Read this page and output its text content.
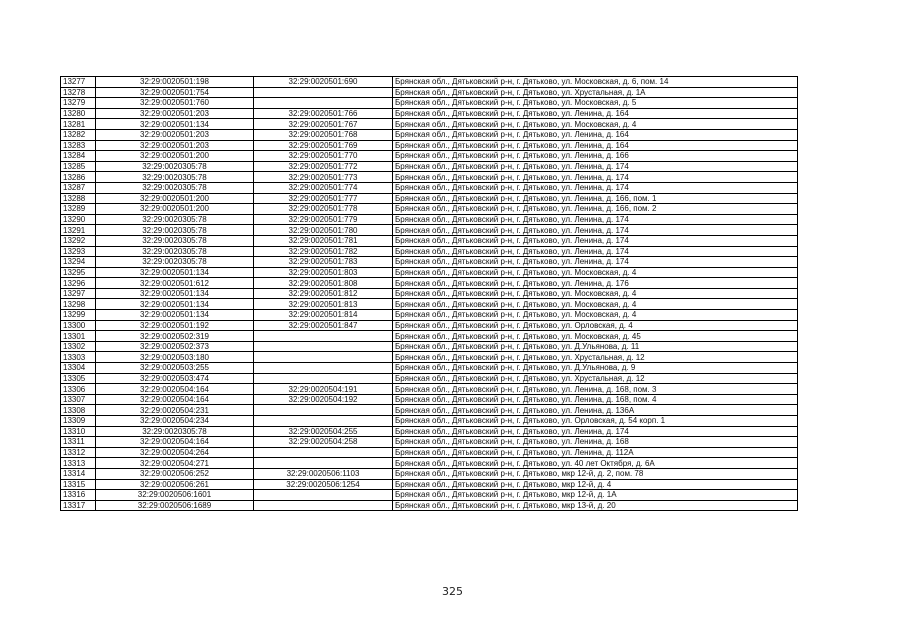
13277	32:29:0020501:198	32:29:0020501:690	Брянская обл., Дятьковский р-н, г. Дятьково, ул. Московская, д. 6, пом. 14
13278	32:29:0020501:754		Брянская обл., Дятьковский р-н, г. Дятьково, ул. Хрустальная, д. 1А
13279	32:29:0020501:760		Брянская обл., Дятьковский р-н, г. Дятьково, ул. Московская, д. 5
13280	32:29:0020501:203	32:29:0020501:766	Брянская обл., Дятьковский р-н, г. Дятьково, ул. Ленина, д. 164
13281	32:29:0020501:134	32:29:0020501:767	Брянская обл., Дятьковский р-н, г. Дятьково, ул. Московская, д. 4
13282	32:29:0020501:203	32:29:0020501:768	Брянская обл., Дятьковский р-н, г. Дятьково, ул. Ленина, д. 164
13283	32:29:0020501:203	32:29:0020501:769	Брянская обл., Дятьковский р-н, г. Дятьково, ул. Ленина, д. 164
13284	32:29:0020501:200	32:29:0020501:770	Брянская обл., Дятьковский р-н, г. Дятьково, ул. Ленина, д. 166
13285	32:29:0020305:78	32:29:0020501:772	Брянская обл., Дятьковский р-н, г. Дятьково, ул. Ленина, д. 174
13286	32:29:0020305:78	32:29:0020501:773	Брянская обл., Дятьковский р-н, г. Дятьково, ул. Ленина, д. 174
13287	32:29:0020305:78	32:29:0020501:774	Брянская обл., Дятьковский р-н, г. Дятьково, ул. Ленина, д. 174
13288	32:29:0020501:200	32:29:0020501:777	Брянская обл., Дятьковский р-н, г. Дятьково, ул. Ленина, д. 166, пом. 1
13289	32:29:0020501:200	32:29:0020501:778	Брянская обл., Дятьковский р-н, г. Дятьково, ул. Ленина, д. 166, пом. 2
13290	32:29:0020305:78	32:29:0020501:779	Брянская обл., Дятьковский р-н, г. Дятьково, ул. Ленина, д. 174
13291	32:29:0020305:78	32:29:0020501:780	Брянская обл., Дятьковский р-н, г. Дятьково, ул. Ленина, д. 174
13292	32:29:0020305:78	32:29:0020501:781	Брянская обл., Дятьковский р-н, г. Дятьково, ул. Ленина, д. 174
13293	32:29:0020305:78	32:29:0020501:782	Брянская обл., Дятьковский р-н, г. Дятьково, ул. Ленина, д. 174
13294	32:29:0020305:78	32:29:0020501:783	Брянская обл., Дятьковский р-н, г. Дятьково, ул. Ленина, д. 174
13295	32:29:0020501:134	32:29:0020501:803	Брянская обл., Дятьковский р-н, г. Дятьково, ул. Московская, д. 4
13296	32:29:0020501:612	32:29:0020501:808	Брянская обл., Дятьковский р-н, г. Дятьково, ул. Ленина, д. 176
13297	32:29:0020501:134	32:29:0020501:812	Брянская обл., Дятьковский р-н, г. Дятьково, ул. Московская, д. 4
13298	32:29:0020501:134	32:29:0020501:813	Брянская обл., Дятьковский р-н, г. Дятьково, ул. Московская, д. 4
13299	32:29:0020501:134	32:29:0020501:814	Брянская обл., Дятьковский р-н, г. Дятьково, ул. Московская, д. 4
13300	32:29:0020501:192	32:29:0020501:847	Брянская обл., Дятьковский р-н, г. Дятьково, ул. Орловская, д. 4
13301	32:29:0020502:319		Брянская обл., Дятьковский р-н, г. Дятьково, ул. Московская, д. 45
13302	32:29:0020502:373		Брянская обл., Дятьковский р-н, г. Дятьково, ул. Д.Ульянова, д. 11
13303	32:29:0020503:180		Брянская обл., Дятьковский р-н, г. Дятьково, ул. Хрустальная, д. 12
13304	32:29:0020503:255		Брянская обл., Дятьковский р-н, г. Дятьково, ул. Д.Ульянова, д. 9
13305	32:29:0020503:474		Брянская обл., Дятьковский р-н, г. Дятьково, ул. Хрустальная, д. 12
13306	32:29:0020504:164	32:29:0020504:191	Брянская обл., Дятьковский р-н, г. Дятьково, ул. Ленина, д. 168, пом. 3
13307	32:29:0020504:164	32:29:0020504:192	Брянская обл., Дятьковский р-н, г. Дятьково, ул. Ленина, д. 168, пом. 4
13308	32:29:0020504:231		Брянская обл., Дятьковский р-н, г. Дятьково, ул. Ленина, д. 136А
13309	32:29:0020504:234		Брянская обл., Дятьковский р-н, г. Дятьково, ул. Орловская, д. 54 корп. 1
13310	32:29:0020305:78	32:29:0020504:255	Брянская обл., Дятьковский р-н, г. Дятьково, ул. Ленина, д. 174
13311	32:29:0020504:164	32:29:0020504:258	Брянская обл., Дятьковский р-н, г. Дятьково, ул. Ленина, д. 168
13312	32:29:0020504:264		Брянская обл., Дятьковский р-н, г. Дятьково, ул. Ленина, д. 112А
13313	32:29:0020504:271		Брянская обл., Дятьковский р-н, г. Дятьково, ул. 40 лет Октября, д. 6А
13314	32:29:0020506:252	32:29:0020506:1103	Брянская обл., Дятьковский р-н, г. Дятьково, мкр 12-й, д. 2, пом. 78
13315	32:29:0020506:261	32:29:0020506:1254	Брянская обл., Дятьковский р-н, г. Дятьково, мкр 12-й, д. 4
13316	32:29:0020506:1601		Брянская обл., Дятьковский р-н, г. Дятьково, мкр 12-й, д. 1А
13317	32:29:0020506:1689		Брянская обл., Дятьковский р-н, г. Дятьково, мкр 13-й, д. 20
325
